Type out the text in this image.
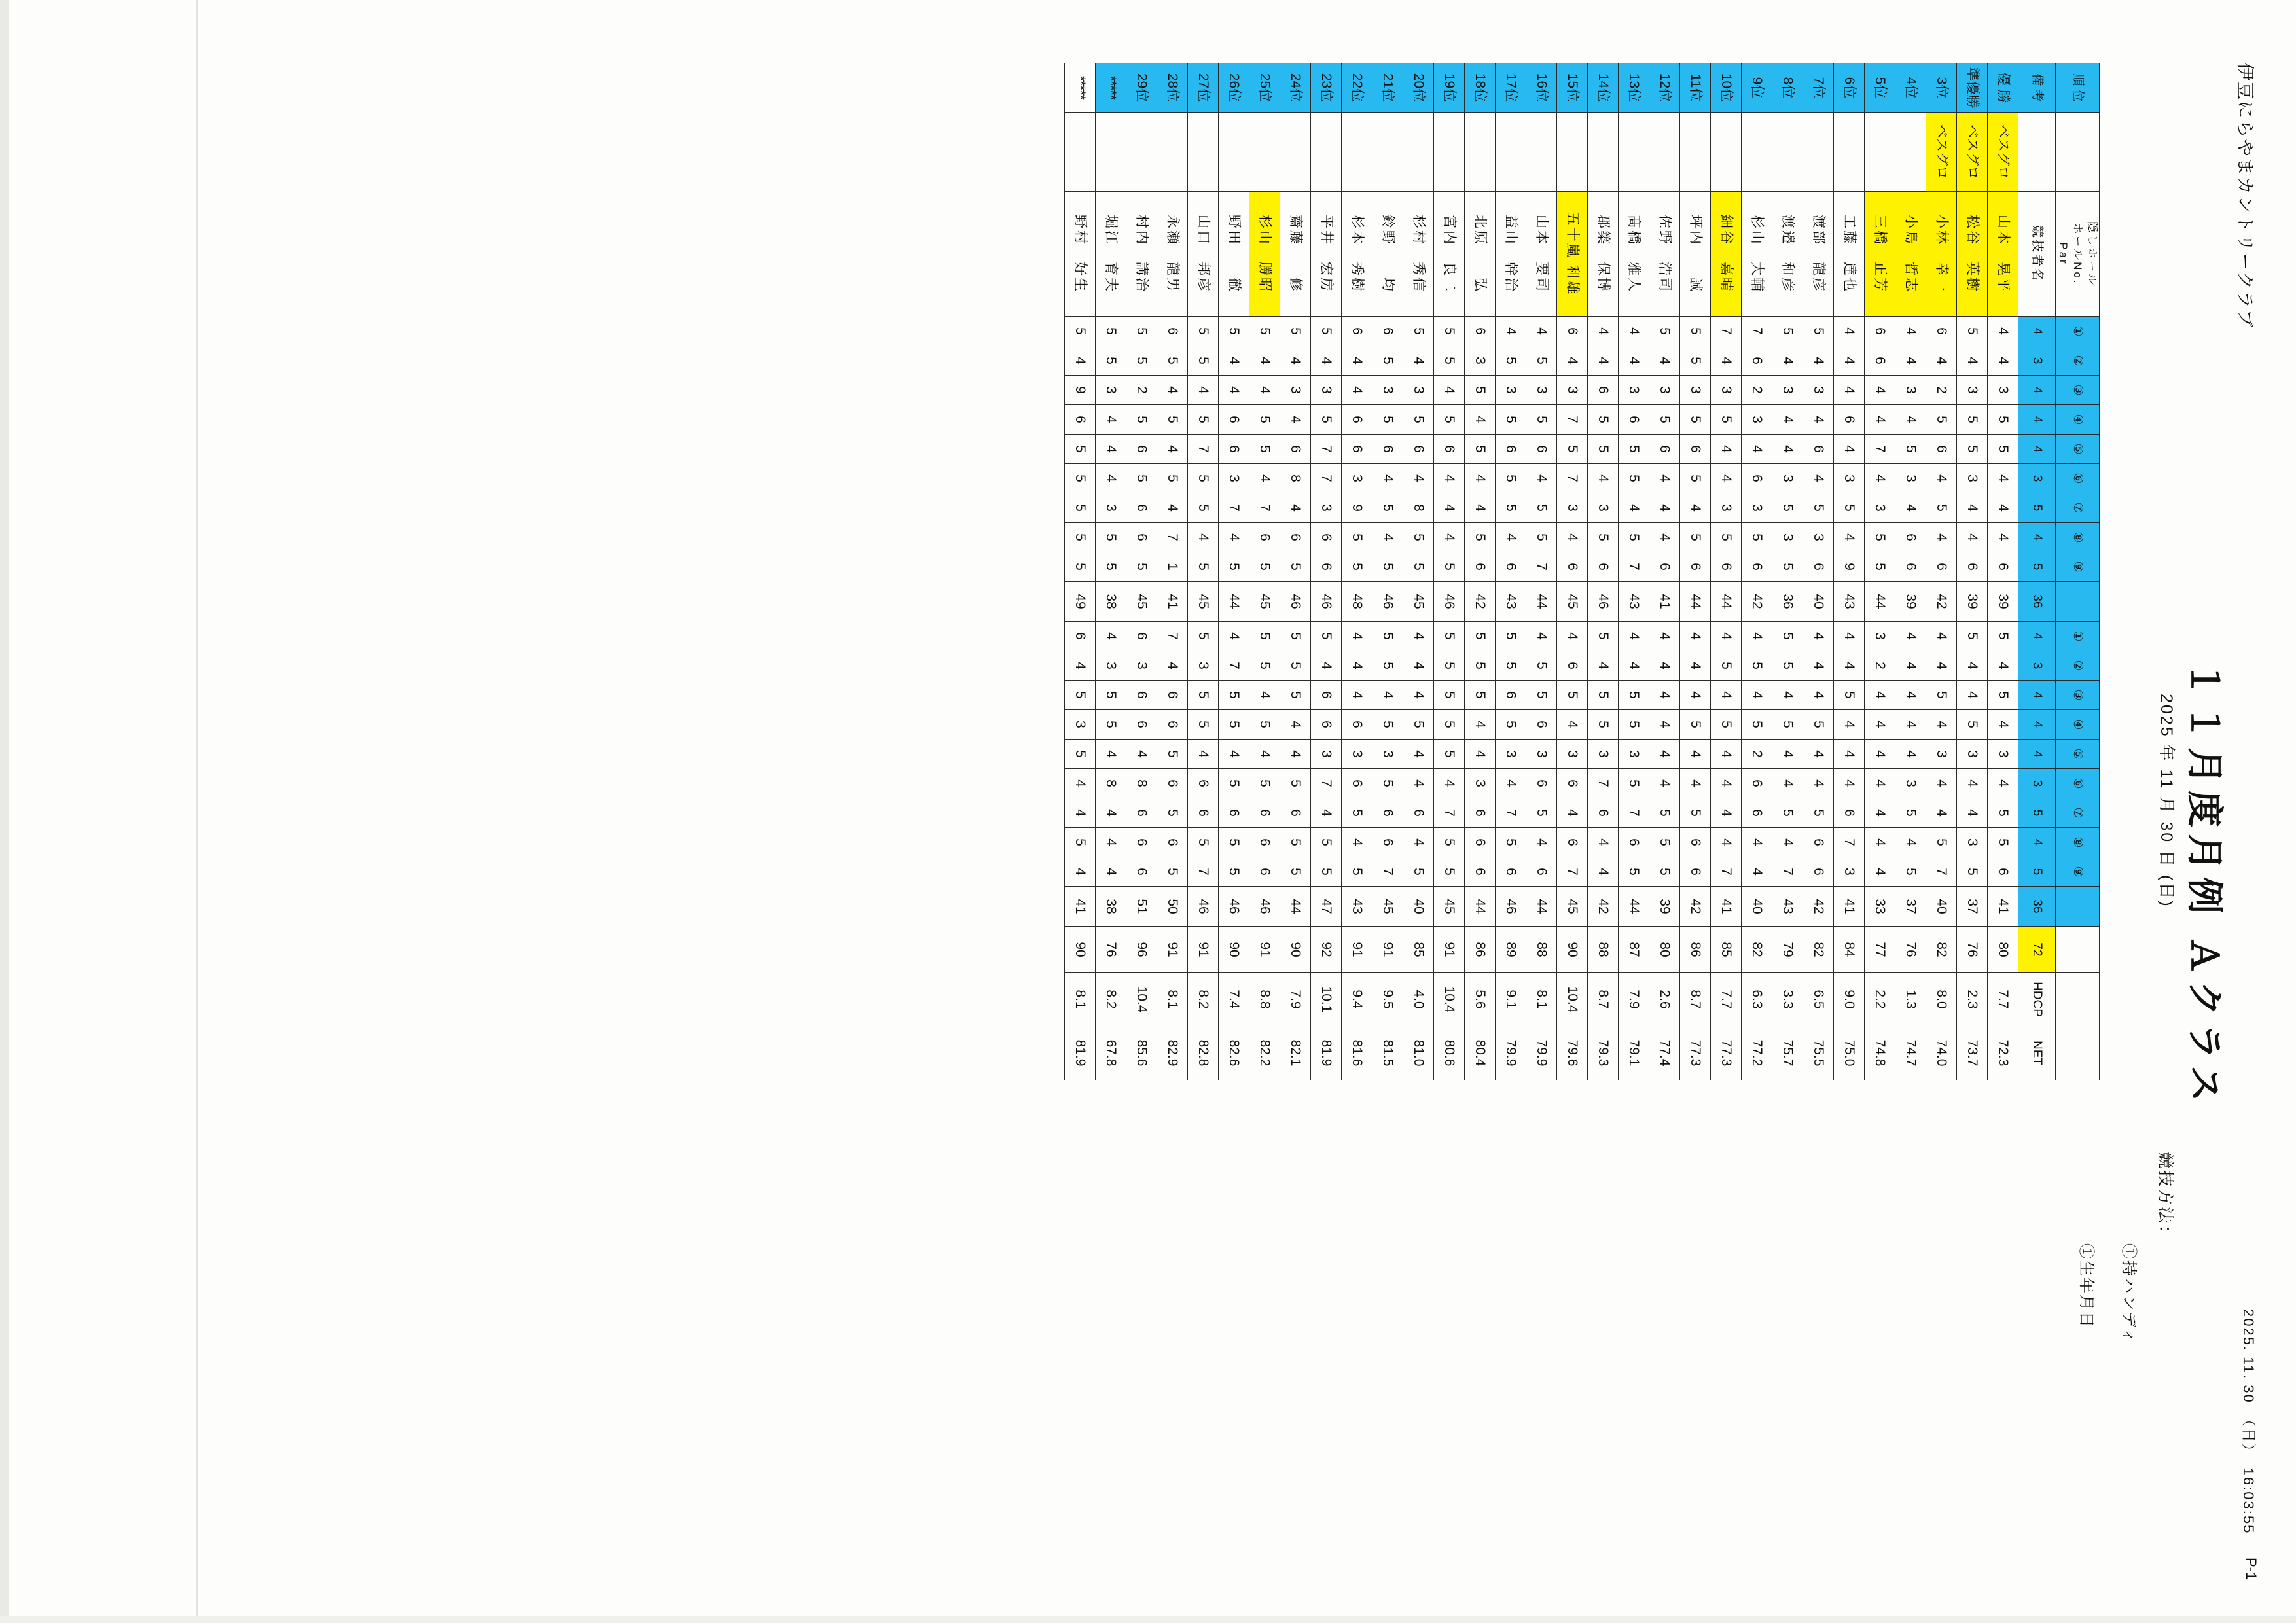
伊豆にらやまカントリークラブ
2025. 11. 30　（日）　16:03:55
P-1
１１月度月例 Ａクラス
2025 年 11 月 30 日 (日)
競技方法：
①持ハンディ
①生年月日
順 位		隠しホール
ホールNo.
Par	①	②	③	④	⑤	⑥	⑦	⑧	⑨		①	②	③	④	⑤	⑥	⑦	⑧	⑨				
備 考		競技者名	4	3	4	4	4	3	5	4	5	36	4	3	4	4	4	3	5	4	5	36	72	HDCP	NET
優 勝	ベスグロ	山本　晃平	4	4	3	5	5	4	4	4	6	39	5	4	5	4	3	4	5	5	6	41	80	7.7	72.3
準優勝	ベスグロ	松谷　英樹	5	4	3	5	5	3	4	4	6	39	5	4	4	5	3	4	4	3	5	37	76	2.3	73.7
3位	ベスグロ	小林　幸一	6	4	2	5	6	4	5	4	6	42	4	4	5	4	3	4	4	5	7	40	82	8.0	74.0
4位		小島　哲志	4	4	3	4	5	3	4	6	6	39	4	4	4	4	4	3	5	4	5	37	76	1.3	74.7
5位		三橋　正芳	6	6	4	4	7	4	3	5	5	44	3	2	4	4	4	4	4	4	4	33	77	2.2	74.8
6位		工藤　達也	4	4	4	6	4	3	5	4	9	43	4	4	5	4	4	4	6	7	3	41	84	9.0	75.0
7位		渡部　龍彦	5	4	3	4	6	4	5	3	6	40	4	4	4	5	4	4	5	6	6	42	82	6.5	75.5
8位		渡邉　和彦	5	4	3	4	4	3	5	3	5	36	5	5	4	5	4	4	5	4	7	43	79	3.3	75.7
9位		杉山　大輔	7	6	2	3	4	6	3	5	6	42	4	5	4	5	2	6	6	4	4	40	82	6.3	77.2
10位		細谷　嘉晴	7	4	3	5	4	4	3	5	6	44	4	5	4	5	4	4	4	4	7	41	85	7.7	77.3
11位		坪内　　誠	5	5	3	5	6	5	4	5	6	44	4	4	4	5	4	4	5	6	6	42	86	8.7	77.3
12位		佐野　浩司	5	4	3	5	6	4	4	4	6	41	4	4	4	4	4	4	5	5	5	39	80	2.6	77.4
13位		髙橋　雅人	4	4	3	6	5	5	4	5	7	43	4	4	5	5	3	5	7	6	5	44	87	7.9	79.1
14位		郡築　保博	4	4	6	5	5	4	3	5	6	46	5	4	5	5	3	7	6	4	4	42	88	8.7	79.3
15位		五十嵐 利雄	6	4	3	7	5	7	3	4	6	45	4	6	5	4	3	6	4	6	7	45	90	10.4	79.6
16位		山本　要司	4	5	3	5	6	4	5	5	7	44	4	5	5	6	3	6	5	4	6	44	88	8.1	79.9
17位		益山　幹治	4	5	3	5	6	5	5	4	6	43	5	5	6	5	3	4	7	5	6	46	89	9.1	79.9
18位		北原　　弘	6	3	5	4	5	4	4	5	6	42	5	5	5	4	4	3	6	6	6	44	86	5.6	80.4
19位		宮内　良二	5	5	4	5	6	4	4	4	5	46	5	5	5	5	5	4	7	5	5	45	91	10.4	80.6
20位		杉村　秀信	5	4	3	5	6	4	8	5	5	45	4	4	4	5	4	4	6	4	5	40	85	4.0	81.0
21位		鈴野　　均	6	5	3	5	6	4	5	4	5	46	5	5	4	5	3	5	6	6	7	45	91	9.5	81.5
22位		杉本　秀樹	6	4	4	6	6	3	9	5	5	48	4	4	4	6	3	6	5	4	5	43	91	9.4	81.6
23位		平井　宏房	5	4	3	5	7	7	3	6	6	46	5	4	6	6	3	7	4	5	5	47	92	10.1	81.9
24位		齋藤　　修	5	4	3	4	6	8	4	6	5	46	5	5	5	4	4	5	6	5	5	44	90	7.9	82.1
25位		杉山　勝昭	5	4	4	5	5	4	7	6	5	45	5	5	4	5	4	5	6	6	6	46	91	8.8	82.2
26位		野田　　徹	5	4	4	6	6	3	7	4	5	44	4	7	5	5	4	5	6	5	5	46	90	7.4	82.6
27位		山口　邦彦	5	5	4	5	7	5	5	4	5	45	5	3	5	5	4	6	6	5	7	46	91	8.2	82.8
28位		永瀬　龍男	6	5	4	5	4	5	4	7	1	41	7	4	6	6	5	6	5	6	5	50	91	8.1	82.9
29位		村内　講治	5	5	2	5	6	5	6	6	5	45	6	3	6	6	4	8	6	6	6	51	96	10.4	85.6
*****		堀江　育夫	5	5	3	4	4	4	3	5	5	38	4	3	5	5	4	8	4	4	4	38	76	8.2	67.8
*****		野村　好生	5	4	9	6	5	5	5	5	5	49	6	4	5	3	5	4	4	5	4	41	90	8.1	81.9
